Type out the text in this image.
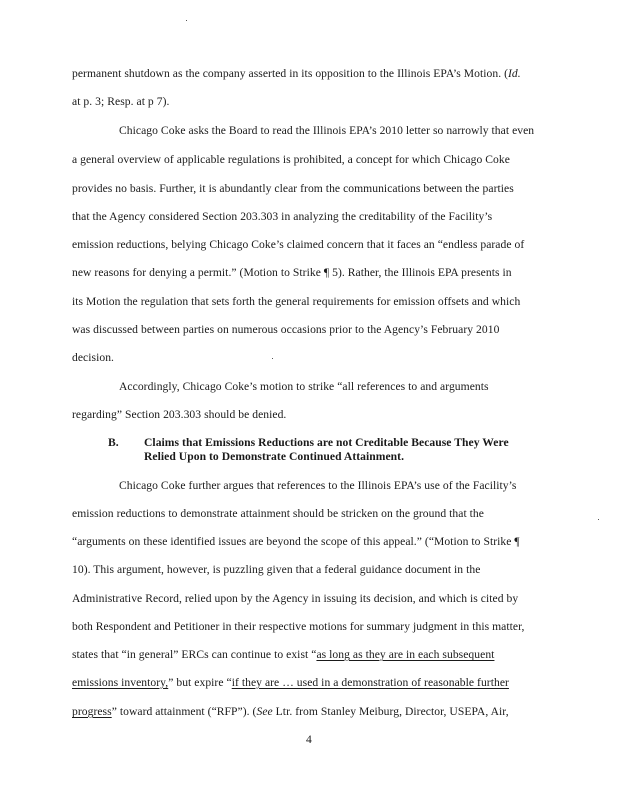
permanent shutdown as the company asserted in its opposition to the Illinois EPA’s Motion. (Id.
at p. 3; Resp. at p 7).
Chicago Coke asks the Board to read the Illinois EPA’s 2010 letter so narrowly that even
a general overview of applicable regulations is prohibited, a concept for which Chicago Coke
provides no basis. Further, it is abundantly clear from the communications between the parties
that the Agency considered Section 203.303 in analyzing the creditability of the Facility’s
emission reductions, belying Chicago Coke’s claimed concern that it faces an “endless parade of
new reasons for denying a permit.” (Motion to Strike ¶ 5). Rather, the Illinois EPA presents in
its Motion the regulation that sets forth the general requirements for emission offsets and which
was discussed between parties on numerous occasions prior to the Agency’s February 2010
decision.
Accordingly, Chicago Coke’s motion to strike “all references to and arguments
regarding” Section 203.303 should be denied.
B. Claims that Emissions Reductions are not Creditable Because They Were
Relied Upon to Demonstrate Continued Attainment.
Chicago Coke further argues that references to the Illinois EPA’s use of the Facility’s
emission reductions to demonstrate attainment should be stricken on the ground that the
“arguments on these identified issues are beyond the scope of this appeal.” (“Motion to Strike ¶
10). This argument, however, is puzzling given that a federal guidance document in the
Administrative Record, relied upon by the Agency in issuing its decision, and which is cited by
both Respondent and Petitioner in their respective motions for summary judgment in this matter,
states that “in general” ERCs can continue to exist “as long as they are in each subsequent
emissions inventory,” but expire “if they are … used in a demonstration of reasonable further
progress” toward attainment (“RFP”). (See Ltr. from Stanley Meiburg, Director, USEPA, Air,
4
